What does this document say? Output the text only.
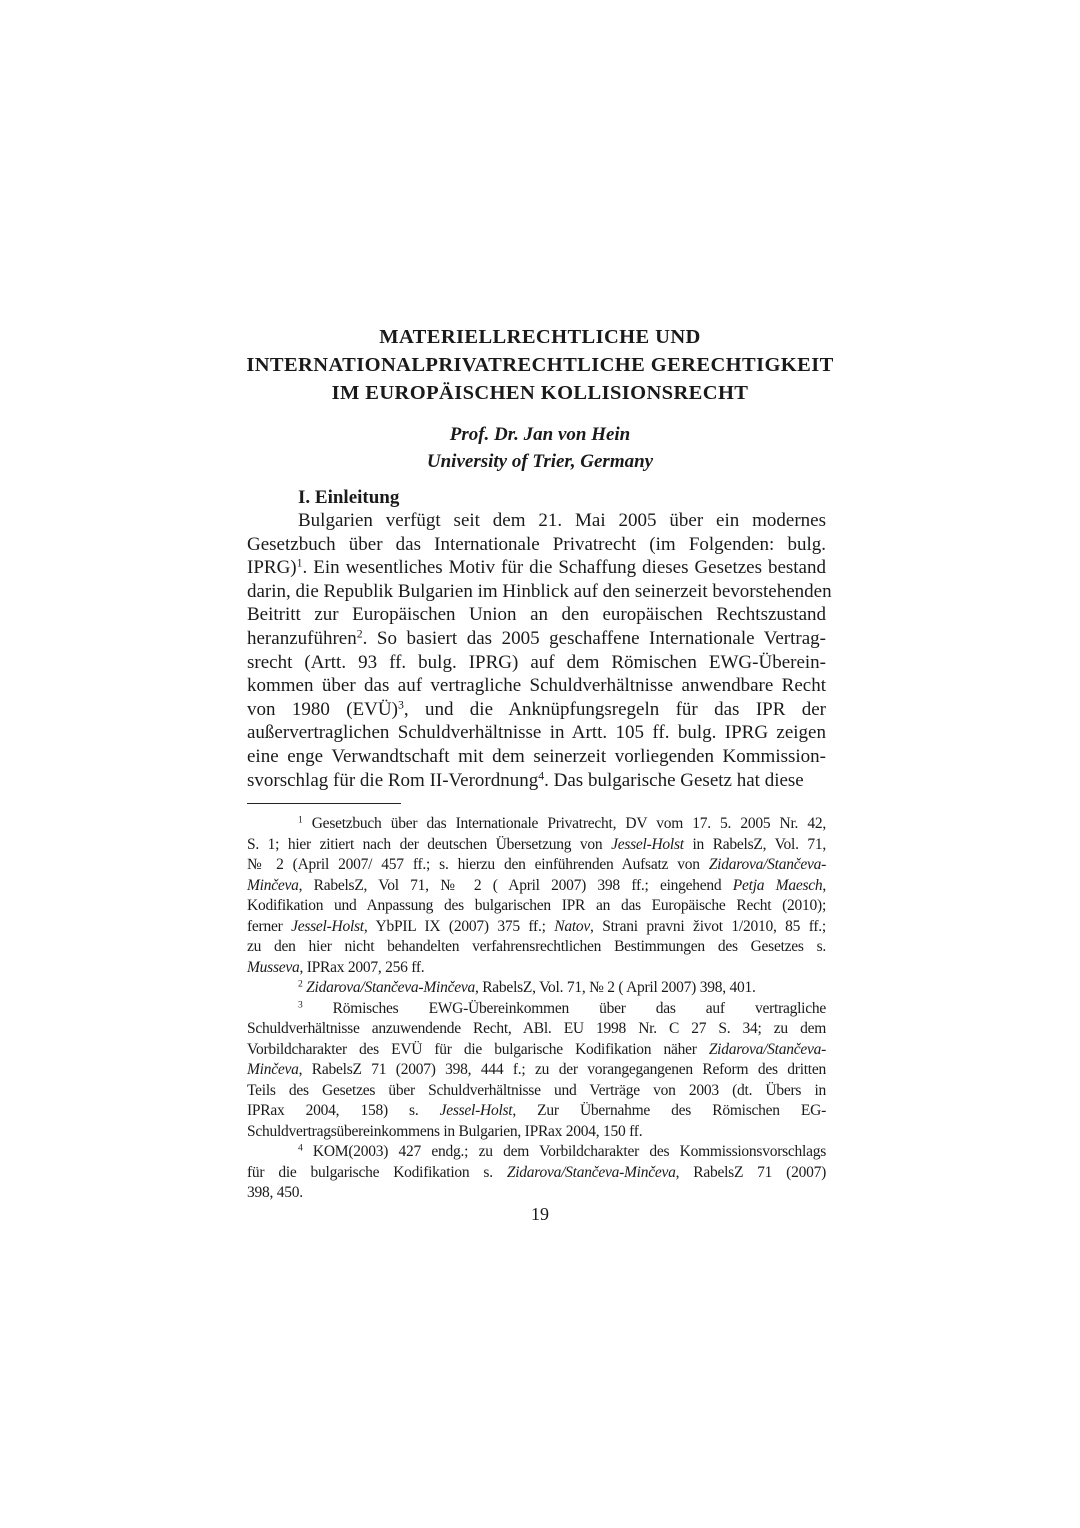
MATERIELLRECHTLICHE UND
INTERNATIONALPRIVATRECHTLICHE GERECHTIGKEIT
IM EUROPÄISCHEN KOLLISIONSRECHT
Prof. Dr. Jan von Hein
University of Trier, Germany
I. Einleitung
Bulgarien verfügt seit dem 21. Mai 2005 über ein modernes
Gesetzbuch über das Internationale Privatrecht (im Folgenden: bulg.
IPRG)$^1$. Ein wesentliches Motiv für die Schaffung dieses Gesetzes bestand
darin, die Republik Bulgarien im Hinblick auf den seinerzeit bevorstehenden
Beitritt zur Europäischen Union an den europäischen Rechtszustand
heranzuführen$^2$. So basiert das 2005 geschaffene Internationale Vertrag-
srecht (Artt. 93 ff. bulg. IPRG) auf dem Römischen EWG-Überein-
kommen über das auf vertragliche Schuldverhältnisse anwendbare Recht
von 1980 (EVÜ)$^3$, und die Anknüpfungsregeln für das IPR der
außervertraglichen Schuldverhältnisse in Artt. 105 ff. bulg. IPRG zeigen
eine enge Verwandtschaft mit dem seinerzeit vorliegenden Kommission-
svorschlag für die Rom II-Verordnung$^4$. Das bulgarische Gesetz hat diese
$^1$ Gesetzbuch über das Internationale Privatrecht, DV vom 17. 5. 2005 Nr. 42,
S. 1; hier zitiert nach der deutschen Übersetzung von Jessel-Holst in RabelsZ, Vol. 71,
№ 2 (April 2007/ 457 ff.; s. hierzu den einführenden Aufsatz von Zidarova/Stančeva-
Minčeva, RabelsZ, Vol 71, № 2 ( April 2007) 398 ff.; eingehend Petja Maesch,
Kodifikation und Anpassung des bulgarischen IPR an das Europäische Recht (2010);
ferner Jessel-Holst, YbPIL IX (2007) 375 ff.; Natov, Strani pravni život 1/2010, 85 ff.;
zu den hier nicht behandelten verfahrensrechtlichen Bestimmungen des Gesetzes s.
Musseva, IPRax 2007, 256 ff.
$^2$ Zidarova/Stančeva-Minčeva, RabelsZ, Vol. 71, № 2 ( April 2007) 398, 401.
$^3$ Römisches EWG-Übereinkommen über das auf vertragliche
Schuldverhältnisse anzuwendende Recht, ABl. EU 1998 Nr. C 27 S. 34; zu dem
Vorbildcharakter des EVÜ für die bulgarische Kodifikation näher Zidarova/Stančeva-
Minčeva, RabelsZ 71 (2007) 398, 444 f.; zu der vorangegangenen Reform des dritten
Teils des Gesetzes über Schuldverhältnisse und Verträge von 2003 (dt. Übers in
IPRax 2004, 158) s. Jessel-Holst, Zur Übernahme des Römischen EG-
Schuldvertragsübereinkommens in Bulgarien, IPRax 2004, 150 ff.
$^4$ KOM(2003) 427 endg.; zu dem Vorbildcharakter des Kommissionsvorschlags
für die bulgarische Kodifikation s. Zidarova/Stančeva-Minčeva, RabelsZ 71 (2007)
398, 450.
19
